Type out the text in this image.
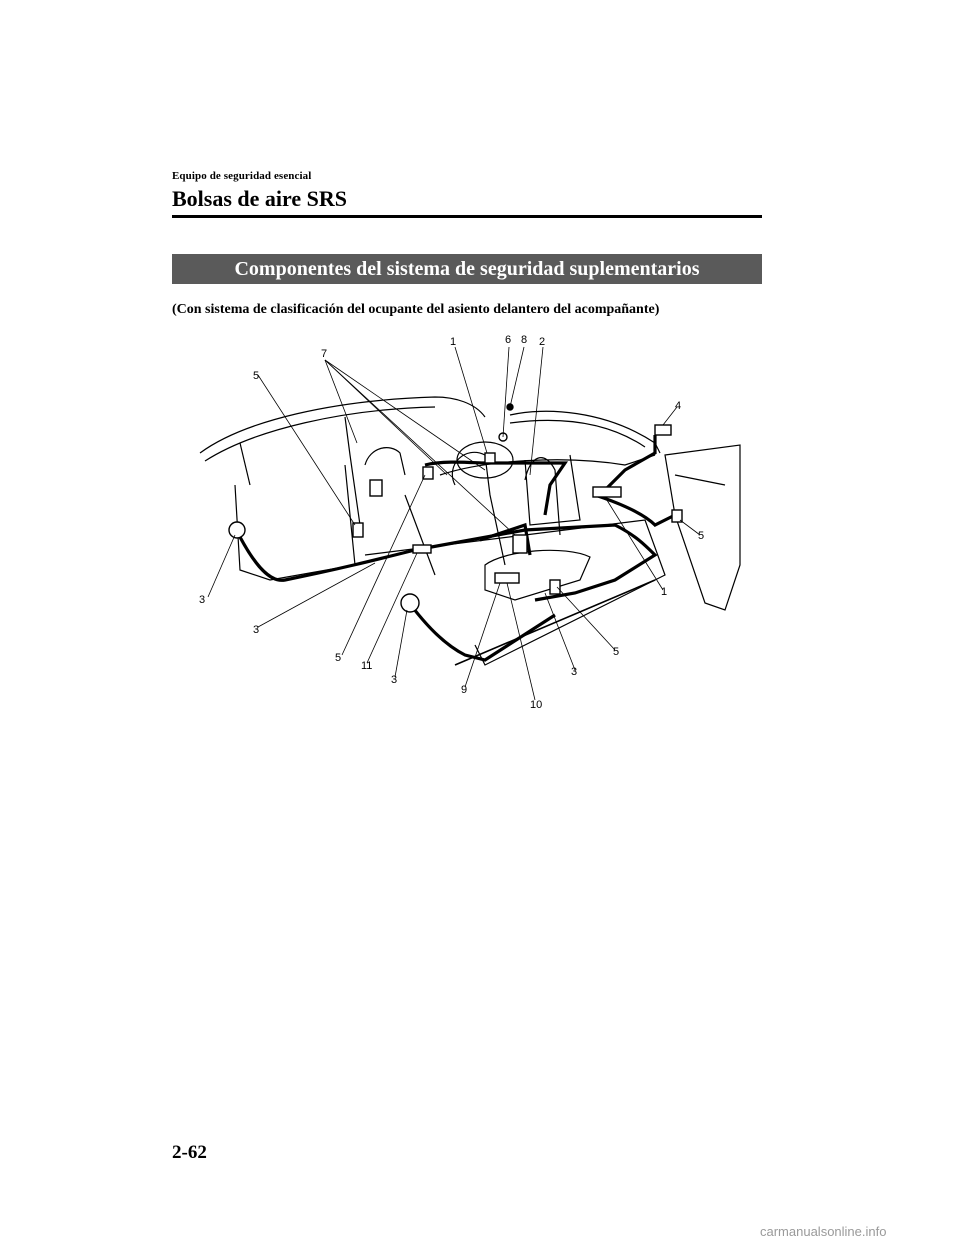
Equipo de seguridad esencial
Bolsas de aire SRS
Componentes del sistema de seguridad suplementarios
(Con sistema de clasificación del ocupante del asiento delantero del acompañante)
1	6 8 2
7
5
4
5
1
3
3
5
11
3
9
10
3
5
2-62
carmanualsonline.info
